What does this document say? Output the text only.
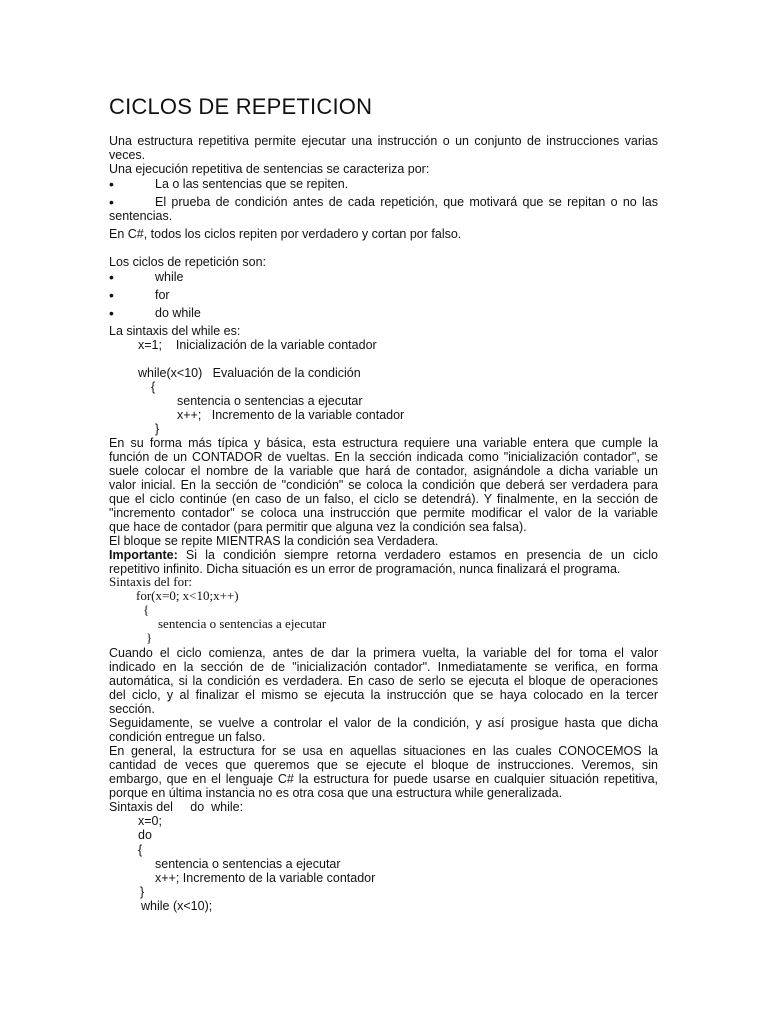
CICLOS DE REPETICION
Una estructura repetitiva permite ejecutar una instrucción o un conjunto de instrucciones varias
veces.
Una ejecución repetitiva de sentencias se caracteriza por:
•
La o las sentencias que se repiten.
•
El prueba de condición antes de cada repetición, que motivará que se repitan o no las
sentencias.
En C#, todos los ciclos repiten por verdadero y cortan por falso.
Los ciclos de repetición son:
•
while
•
for
•
do while
La sintaxis del while es:
x=1;    Inicialización de la variable contador
while(x<10)   Evaluación de la condición
{
sentencia o sentencias a ejecutar
x++;   Incremento de la variable contador
}
En su forma más típica y básica, esta estructura requiere una variable entera que cumple la
función de un CONTADOR de vueltas. En la sección indicada como "inicialización contador", se
suele colocar el nombre de la variable que hará de contador, asignándole a dicha variable un
valor inicial. En la sección de "condición" se coloca la condición que deberá ser verdadera para
que el ciclo continúe (en caso de un falso, el ciclo se detendrá). Y finalmente, en la sección de
"incremento contador" se coloca una instrucción que permite modificar el valor de la variable
que hace de contador (para permitir que alguna vez la condición sea falsa).
El bloque se repite MIENTRAS la condición sea Verdadera.
Importante: Si la condición siempre retorna verdadero estamos en presencia de un ciclo
repetitivo infinito. Dicha situación es un error de programación, nunca finalizará el programa.
Sintaxis del for:
for(x=0; x<10;x++)
{
sentencia o sentencias a ejecutar
}
Cuando el ciclo comienza, antes de dar la primera vuelta, la variable del for toma el valor
indicado en la sección de de "inicialización contador". Inmediatamente se verifica, en forma
automática, si la condición es verdadera. En caso de serlo se ejecuta el bloque de operaciones
del ciclo, y al finalizar el mismo se ejecuta la instrucción que se haya colocado en la tercer
sección.
Seguidamente, se vuelve a controlar el valor de la condición, y así prosigue hasta que dicha
condición entregue un falso.
En general, la estructura for se usa en aquellas situaciones en las cuales CONOCEMOS la
cantidad de veces que queremos que se ejecute el bloque de instrucciones. Veremos, sin
embargo, que en el lenguaje C# la estructura for puede usarse en cualquier situación repetitiva,
porque en última instancia no es otra cosa que una estructura while generalizada.
Sintaxis del     do  while:
x=0;
do
{
sentencia o sentencias a ejecutar
x++; Incremento de la variable contador
}
while (x<10);
